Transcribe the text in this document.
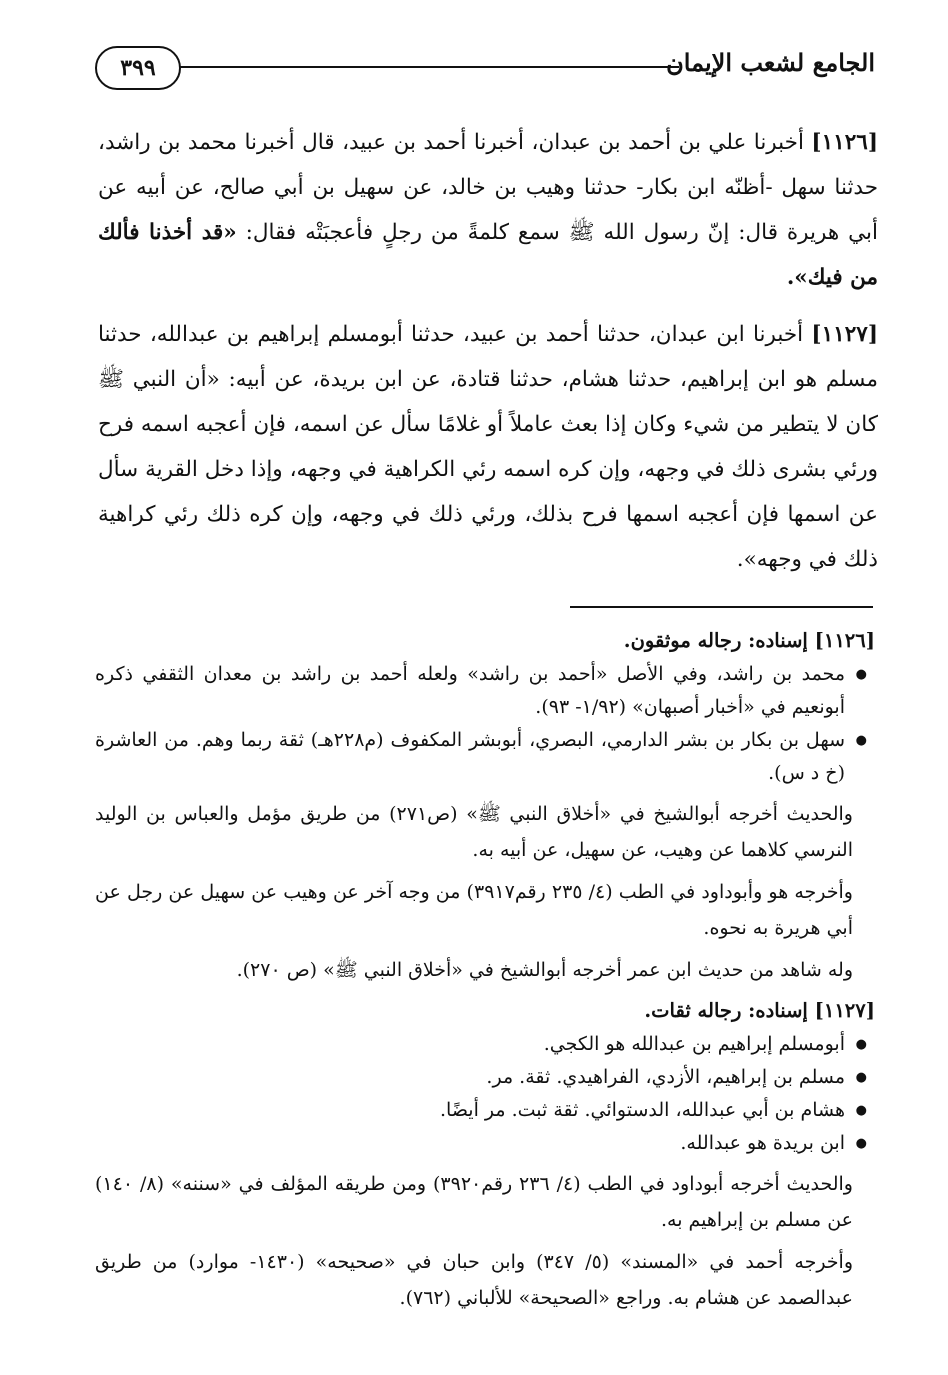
٣٩٩	الجامع لشعب الإيمان

[١١٢٦] أخبرنا علي بن أحمد بن عبدان، أخبرنا أحمد بن عبيد، قال أخبرنا محمد بن راشد، حدثنا سهل -أظنّه ابن بكار- حدثنا وهيب بن خالد، عن سهيل بن أبي صالح، عن أبيه عن أبي هريرة قال: إنّ رسول الله ﷺ سمع كلمةً من رجلٍ فأعجبَتْه فقال: «قد أخذنا فألك من فيك».

[١١٢٧] أخبرنا ابن عبدان، حدثنا أحمد بن عبيد، حدثنا أبومسلم إبراهيم بن عبدالله، حدثنا مسلم هو ابن إبراهيم، حدثنا هشام، حدثنا قتادة، عن ابن بريدة، عن أبيه: «أن النبي ﷺ كان لا يتطير من شيء وكان إذا بعث عاملاً أو غلامًا سأل عن اسمه، فإن أعجبه اسمه فرح ورئي بشرى ذلك في وجهه، وإن كره اسمه رئي الكراهية في وجهه، وإذا دخل القرية سأل عن اسمها فإن أعجبه اسمها فرح بذلك، ورئي ذلك في وجهه، وإن كره ذلك رئي كراهية ذلك في وجهه».

[١١٢٦] إسناده: رجاله موثقون.

● محمد بن راشد، وفي الأصل «أحمد بن راشد» ولعله أحمد بن راشد بن معدان الثقفي ذكره أبونعيم في «أخبار أصبهان» (١/٩٢- ٩٣).
● سهل بن بكار بن بشر الدارمي، البصري، أبوبشر المكفوف (م٢٢٨هـ) ثقة ربما وهم. من العاشرة (خ د س).

والحديث أخرجه أبوالشيخ في «أخلاق النبي ﷺ» (ص٢٧١) من طريق مؤمل والعباس بن الوليد النرسي كلاهما عن وهيب، عن سهيل، عن أبيه به.

وأخرجه هو وأبوداود في الطب (٤/ ٢٣٥ رقم٣٩١٧) من وجه آخر عن وهيب عن سهيل عن رجل عن أبي هريرة به نحوه.

وله شاهد من حديث ابن عمر أخرجه أبوالشيخ في «أخلاق النبي ﷺ» (ص ٢٧٠).

[١١٢٧] إسناده: رجاله ثقات.

● أبومسلم إبراهيم بن عبدالله هو الكجي.
● مسلم بن إبراهيم، الأزدي، الفراهيدي. ثقة. مر.
● هشام بن أبي عبدالله، الدستوائي. ثقة ثبت. مر أيضًا.
● ابن بريدة هو عبدالله.

والحديث أخرجه أبوداود في الطب (٤/ ٢٣٦ رقم٣٩٢٠) ومن طريقه المؤلف في «سننه» (٨/ ١٤٠) عن مسلم بن إبراهيم به.

وأخرجه أحمد في «المسند» (٥/ ٣٤٧) وابن حبان في «صحيحه» (١٤٣٠- موارد) من طريق عبدالصمد عن هشام به. وراجع «الصحيحة» للألباني (٧٦٢).
